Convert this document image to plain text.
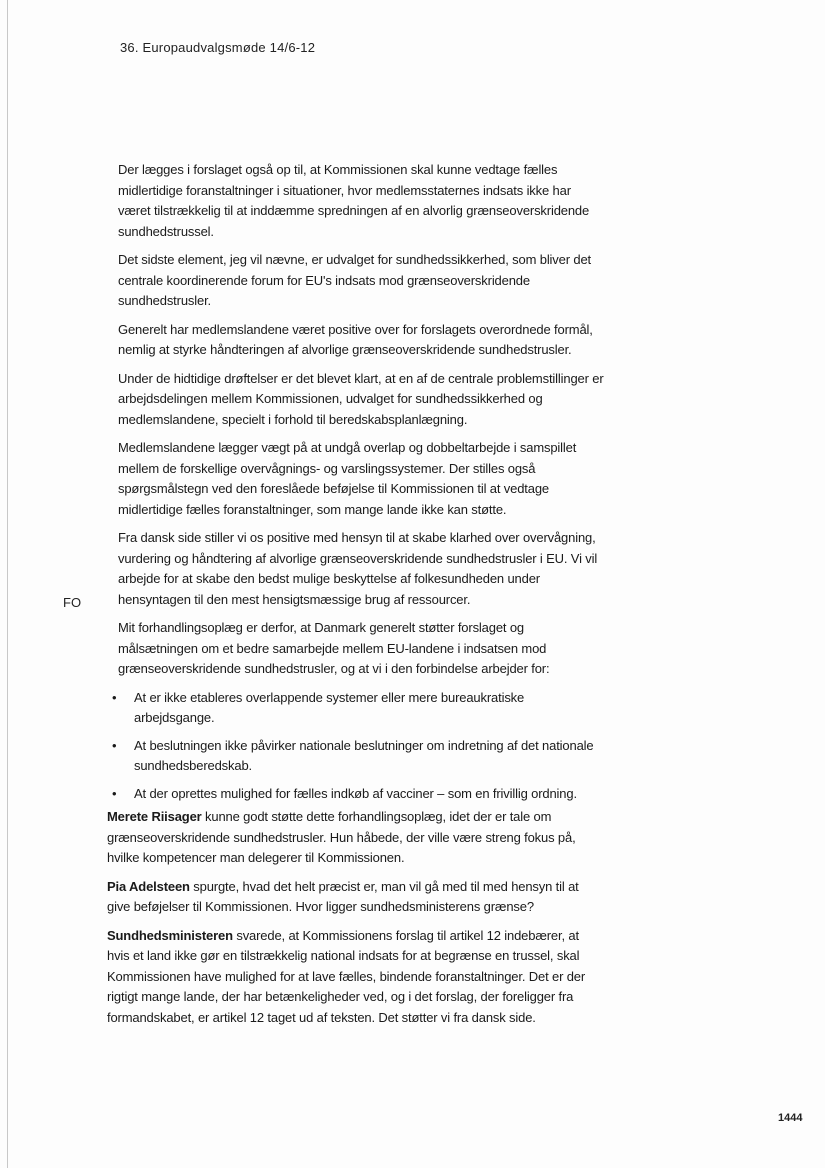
36. Europaudvalgsmøde 14/6-12
FO

Der lægges i forslaget også op til, at Kommissionen skal kunne vedtage fælles midlertidige foranstaltninger i situationer, hvor medlemsstaternes indsats ikke har været tilstrækkelig til at inddæmme spredningen af en alvorlig grænseoverskridende sundhedstrussel.

Det sidste element, jeg vil nævne, er udvalget for sundhedssikkerhed, som bliver det centrale koordinerende forum for EU's indsats mod grænseoverskridende sundhedstrusler.

Generelt har medlemslandene været positive over for forslagets overordnede formål, nemlig at styrke håndteringen af alvorlige grænseoverskridende sundhedstrusler.

Under de hidtidige drøftelser er det blevet klart, at en af de centrale problemstillinger er arbejdsdelingen mellem Kommissionen, udvalget for sundhedssikkerhed og medlemslandene, specielt i forhold til beredskabsplanlægning.

Medlemslandene lægger vægt på at undgå overlap og dobbeltarbejde i samspillet mellem de forskellige overvågnings- og varslingssystemer. Der stilles også spørgsmålstegn ved den foreslåede beføjelse til Kommissionen til at vedtage midlertidige fælles foranstaltninger, som mange lande ikke kan støtte.

Fra dansk side stiller vi os positive med hensyn til at skabe klarhed over overvågning, vurdering og håndtering af alvorlige grænseoverskridende sundhedstrusler i EU. Vi vil arbejde for at skabe den bedst mulige beskyttelse af folkesundheden under hensyntagen til den mest hensigtsmæssige brug af ressourcer.

Mit forhandlingsoplæg er derfor, at Danmark generelt støtter forslaget og målsætningen om et bedre samarbejde mellem EU-landene i indsatsen mod grænseoverskridende sundhedstrusler, og at vi i den forbindelse arbejder for:

• At er ikke etableres overlappende systemer eller mere bureaukratiske arbejdsgange.
• At beslutningen ikke påvirker nationale beslutninger om indretning af det nationale sundhedsberedskab.
• At der oprettes mulighed for fælles indkøb af vacciner – som en frivillig ordning.

Merete Riisager kunne godt støtte dette forhandlingsoplæg, idet der er tale om grænseoverskridende sundhedstrusler. Hun håbede, der ville være streng fokus på, hvilke kompetencer man delegerer til Kommissionen.

Pia Adelsteen spurgte, hvad det helt præcist er, man vil gå med til med hensyn til at give beføjelser til Kommissionen. Hvor ligger sundhedsministerens grænse?

Sundhedsministeren svarede, at Kommissionens forslag til artikel 12 indebærer, at hvis et land ikke gør en tilstrækkelig national indsats for at begrænse en trussel, skal Kommissionen have mulighed for at lave fælles, bindende foranstaltninger. Det er der rigtigt mange lande, der har betænkeligheder ved, og i det forslag, der foreligger fra formandskabet, er artikel 12 taget ud af teksten. Det støtter vi fra dansk side.

1444
